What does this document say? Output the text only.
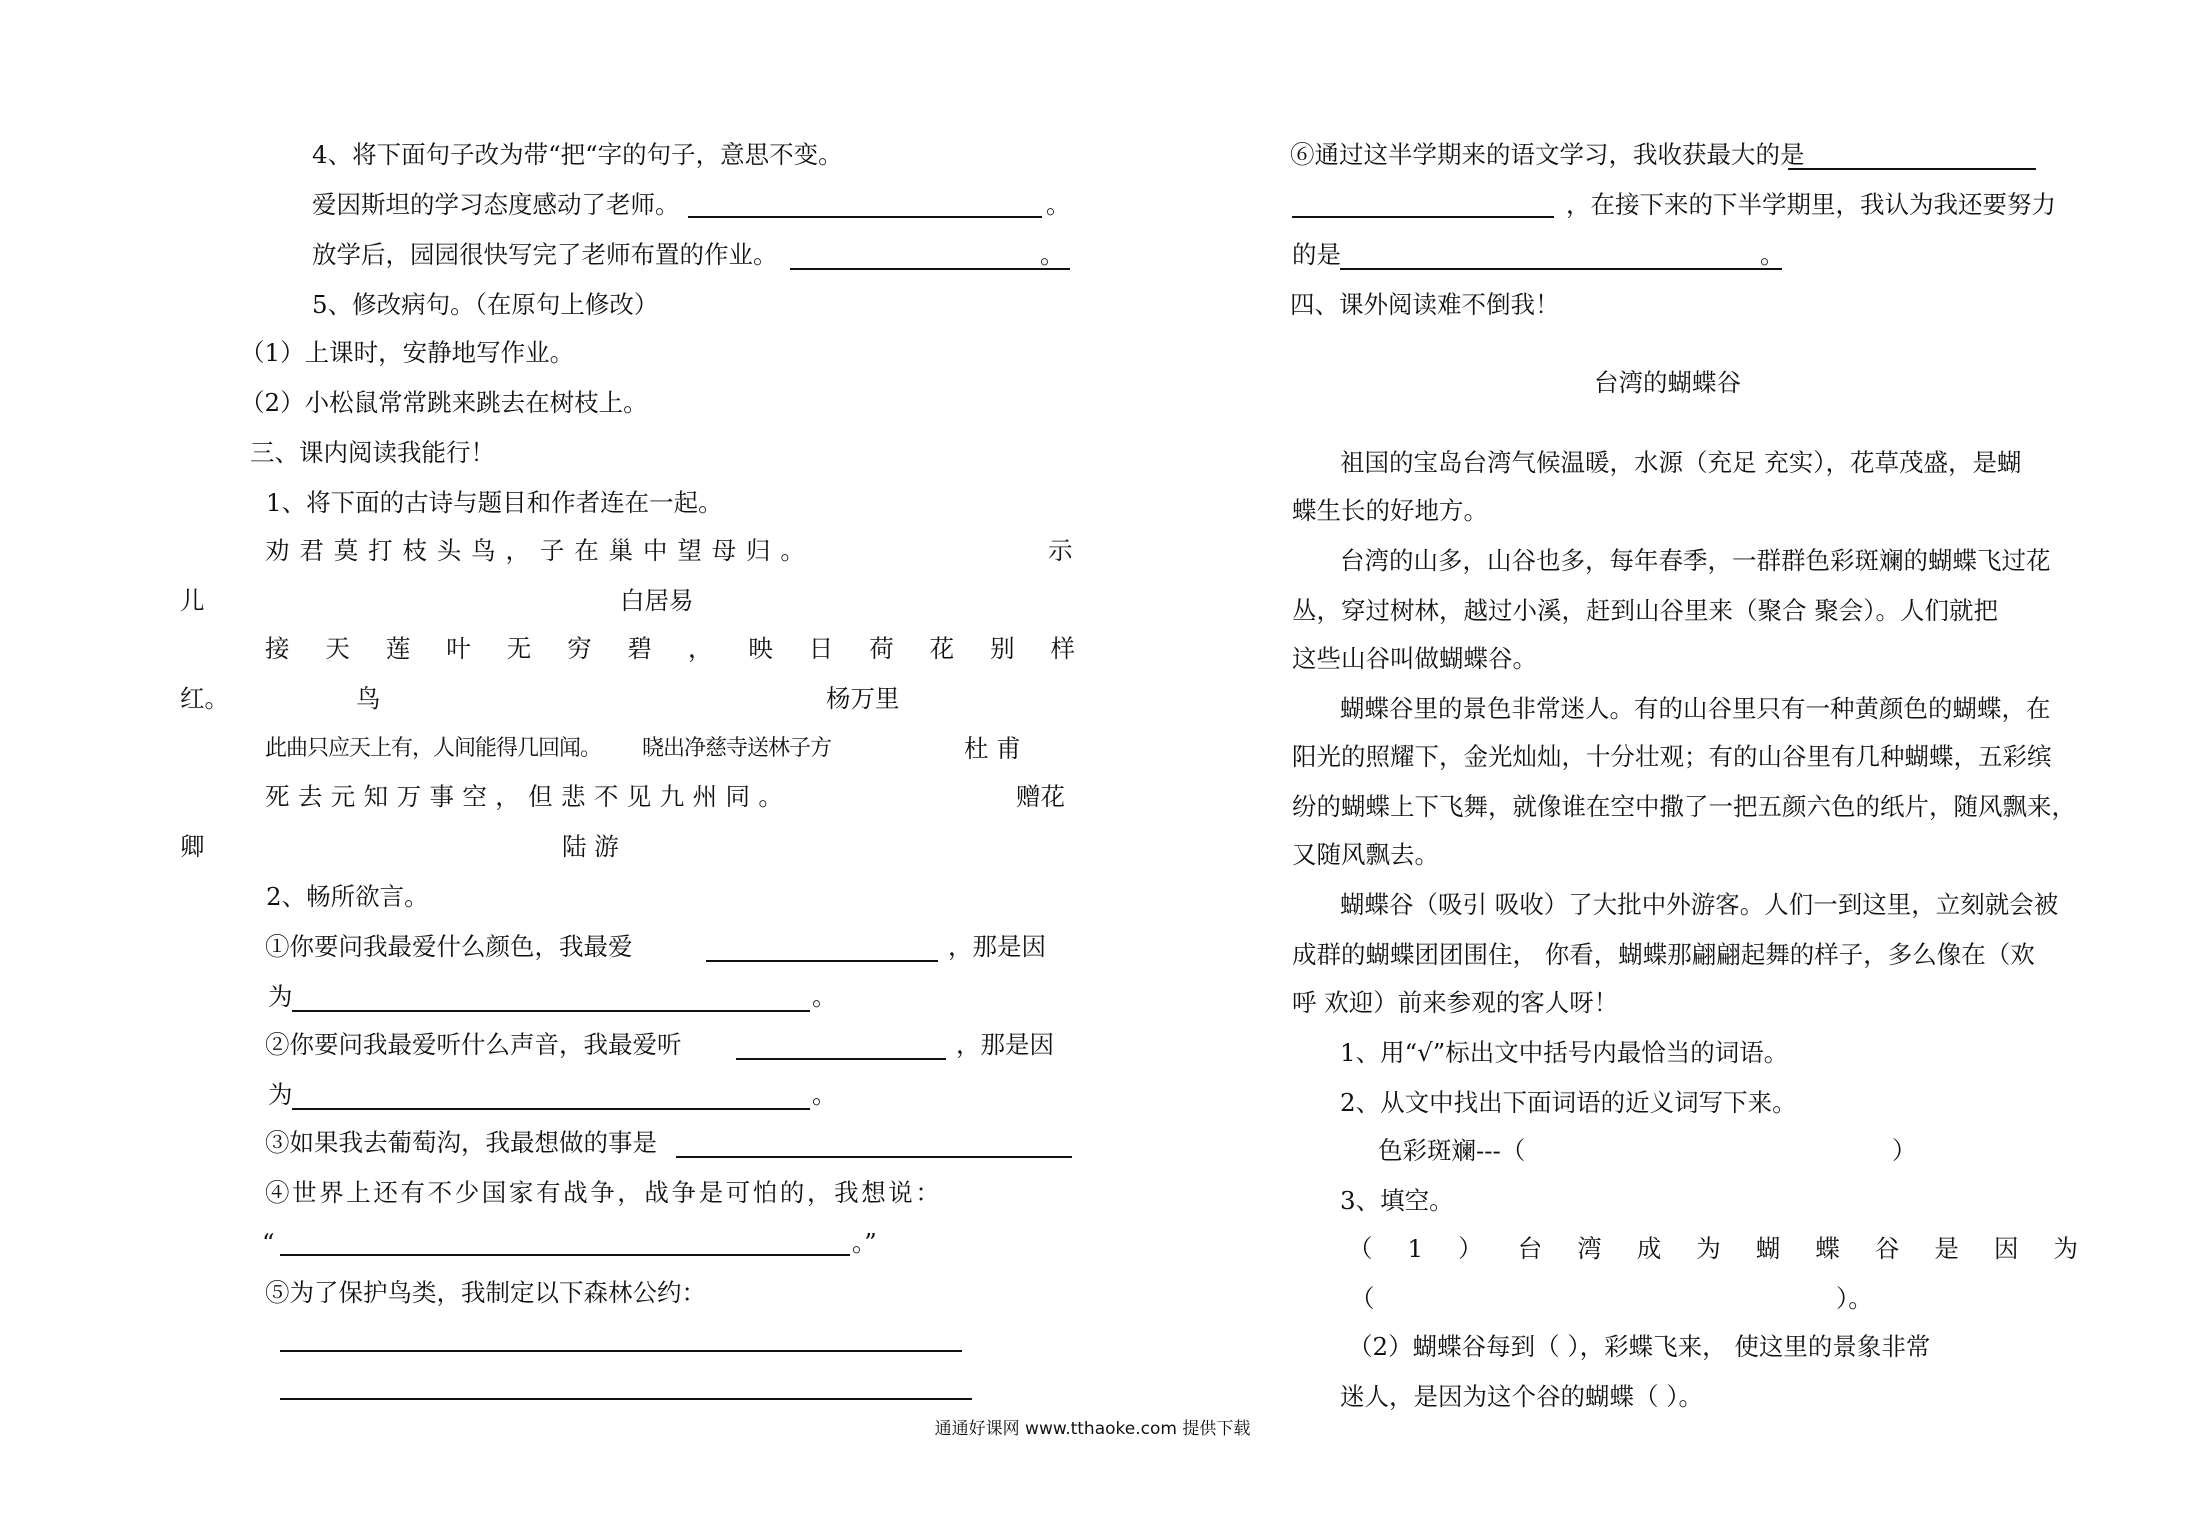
4、将下面句子改为带“把“字的句子，意思不变。
爱因斯坦的学习态度感动了老师。	。
放学后，园园很快写完了老师布置的作业。	。
5、修改病句。（在原句上修改）
（1）上课时，安静地写作业。
（2）小松鼠常常跳来跳去在树枝上。
三、课内阅读我能行！
1、将下面的古诗与题目和作者连在一起。
劝 君 莫 打 枝 头 鸟 ， 子 在 巢 中 望 母 归 。	示
儿	白居易
接 天 莲 叶 无 穷 碧 ， 映 日 荷 花 别 样
红。	鸟	杨万里
此曲只应天上有，人间能得几回闻。 晓出净慈寺送林子方	杜 甫
死 去 元 知 万 事 空 ， 但 悲 不 见 九 州 同 。	赠花
卿	陆 游
2、畅所欲言。
①你要问我最爱什么颜色，我最爱	，那是因
为	。
②你要问我最爱听什么声音，我最爱听	，那是因
为	。
③如果我去葡萄沟，我最想做的事是
④世界上还有不少国家有战争，战争是可怕的，我想说：
“	。”
⑤为了保护鸟类，我制定以下森林公约：
⑥通过这半学期来的语文学习，我收获最大的是
，在接下来的下半学期里，我认为我还要努力
的是	。
四、课外阅读难不倒我！
台湾的蝴蝶谷
祖国的宝岛台湾气候温暖，水源（充足 充实），花草茂盛，是蝴
蝶生长的好地方。
台湾的山多，山谷也多，每年春季，一群群色彩斑斓的蝴蝶飞过花
丛，穿过树林，越过小溪，赶到山谷里来（聚合 聚会）。人们就把
这些山谷叫做蝴蝶谷。
蝴蝶谷里的景色非常迷人。有的山谷里只有一种黄颜色的蝴蝶，在
阳光的照耀下，金光灿灿，十分壮观；有的山谷里有几种蝴蝶，五彩缤
纷的蝴蝶上下飞舞，就像谁在空中撒了一把五颜六色的纸片，随风飘来，
又随风飘去。
蝴蝶谷（吸引 吸收）了大批中外游客。人们一到这里，立刻就会被
成群的蝴蝶团团围住， 你看，蝴蝶那翩翩起舞的样子，多么像在（欢
呼 欢迎）前来参观的客人呀！
1、用“√”标出文中括号内最恰当的词语。
2、从文中找出下面词语的近义词写下来。
色彩斑斓---（	）
3、填空。
（ 1 ） 台 湾 成 为 蝴 蝶 谷 是 因 为
（	）。
（2）蝴蝶谷每到（ ），彩蝶飞来， 使这里的景象非常
迷人，是因为这个谷的蝴蝶（ ）。
通通好课网 www.tthaoke.com 提供下载
